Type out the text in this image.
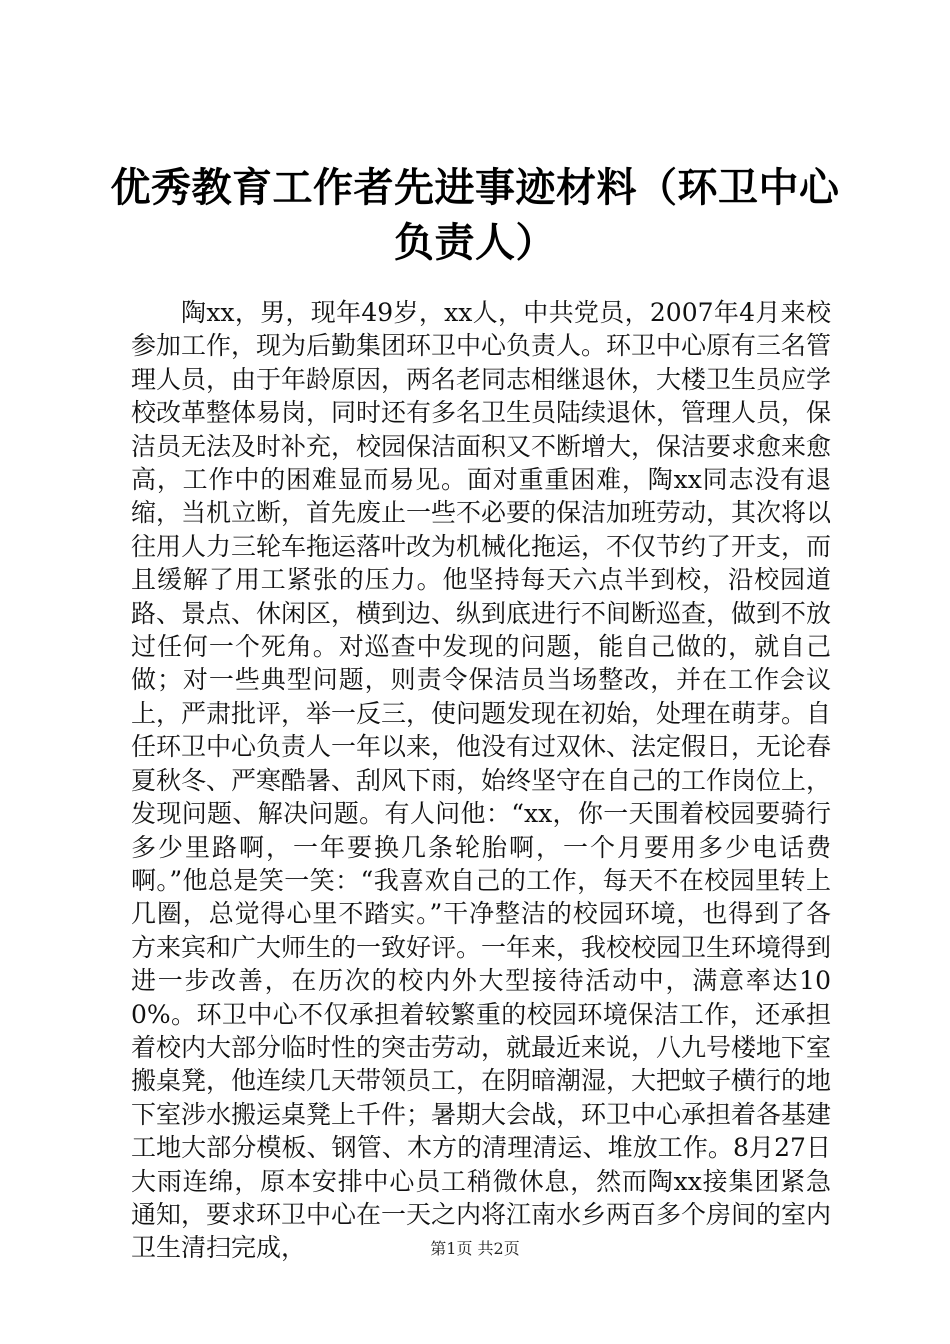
优秀教育工作者先进事迹材料（环卫中心负责人）

陶xx，男，现年49岁，xx人，中共党员，2007年4月来校参加工作，现为后勤集团环卫中心负责人。环卫中心原有三名管理人员，由于年龄原因，两名老同志相继退休，大楼卫生员应学校改革整体易岗，同时还有多名卫生员陆续退休，管理人员，保洁员无法及时补充，校园保洁面积又不断增大，保洁要求愈来愈高，工作中的困难显而易见。面对重重困难，陶xx同志没有退缩，当机立断，首先废止一些不必要的保洁加班劳动，其次将以往用人力三轮车拖运落叶改为机械化拖运，不仅节约了开支，而且缓解了用工紧张的压力。他坚持每天六点半到校，沿校园道路、景点、休闲区，横到边、纵到底进行不间断巡查，做到不放过任何一个死角。对巡查中发现的问题，能自己做的，就自己做；对一些典型问题，则责令保洁员当场整改，并在工作会议上，严肃批评，举一反三，使问题发现在初始，处理在萌芽。自任环卫中心负责人一年以来，他没有过双休、法定假日，无论春夏秋冬、严寒酷暑、刮风下雨，始终坚守在自己的工作岗位上，发现问题、解决问题。有人问他：“xx，你一天围着校园要骑行多少里路啊，一年要换几条轮胎啊，一个月要用多少电话费啊。”他总是笑一笑：“我喜欢自己的工作，每天不在校园里转上几圈，总觉得心里不踏实。”干净整洁的校园环境，也得到了各方来宾和广大师生的一致好评。一年来，我校校园卫生环境得到进一步改善，在历次的校内外大型接待活动中，满意率达100%。环卫中心不仅承担着较繁重的校园环境保洁工作，还承担着校内大部分临时性的突击劳动，就最近来说，八九号楼地下室搬桌凳，他连续几天带领员工，在阴暗潮湿，大把蚊子横行的地下室涉水搬运桌凳上千件；暑期大会战，环卫中心承担着各基建工地大部分模板、钢管、木方的清理清运、堆放工作。8月27日大雨连绵，原本安排中心员工稍微休息，然而陶xx接集团紧急通知，要求环卫中心在一天之内将江南水乡两百多个房间的室内卫生清扫完成，	第1页 共2页
